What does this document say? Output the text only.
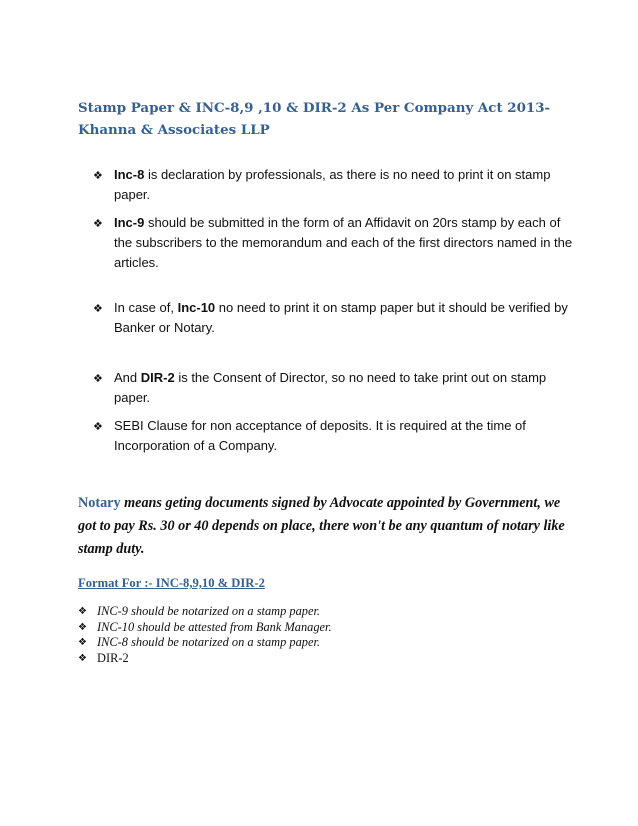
Stamp Paper & INC-8,9 ,10 & DIR-2 As Per Company Act 2013- Khanna & Associates LLP
❖ Inc-8 is declaration by professionals, as there is no need to print it on stamp paper.
❖ Inc-9 should be submitted in the form of an Affidavit on 20rs stamp by each of the subscribers to the memorandum and each of the first directors named in the articles.
❖ In case of, Inc-10 no need to print it on stamp paper but it should be verified by Banker or Notary.
❖ And DIR-2 is the Consent of Director, so no need to take print out on stamp paper.
❖ SEBI Clause for non acceptance of deposits. It is required at the time of Incorporation of a Company.
Notary means geting documents signed by Advocate appointed by Government, we got to pay Rs. 30 or 40 depends on place, there won't be any quantum of notary like stamp duty.
Format For :- INC-8,9,10 & DIR-2
❖ INC-9 should be notarized on a stamp paper.
❖ INC-10 should be attested from Bank Manager.
❖ INC-8 should be notarized on a stamp paper.
❖ DIR-2
